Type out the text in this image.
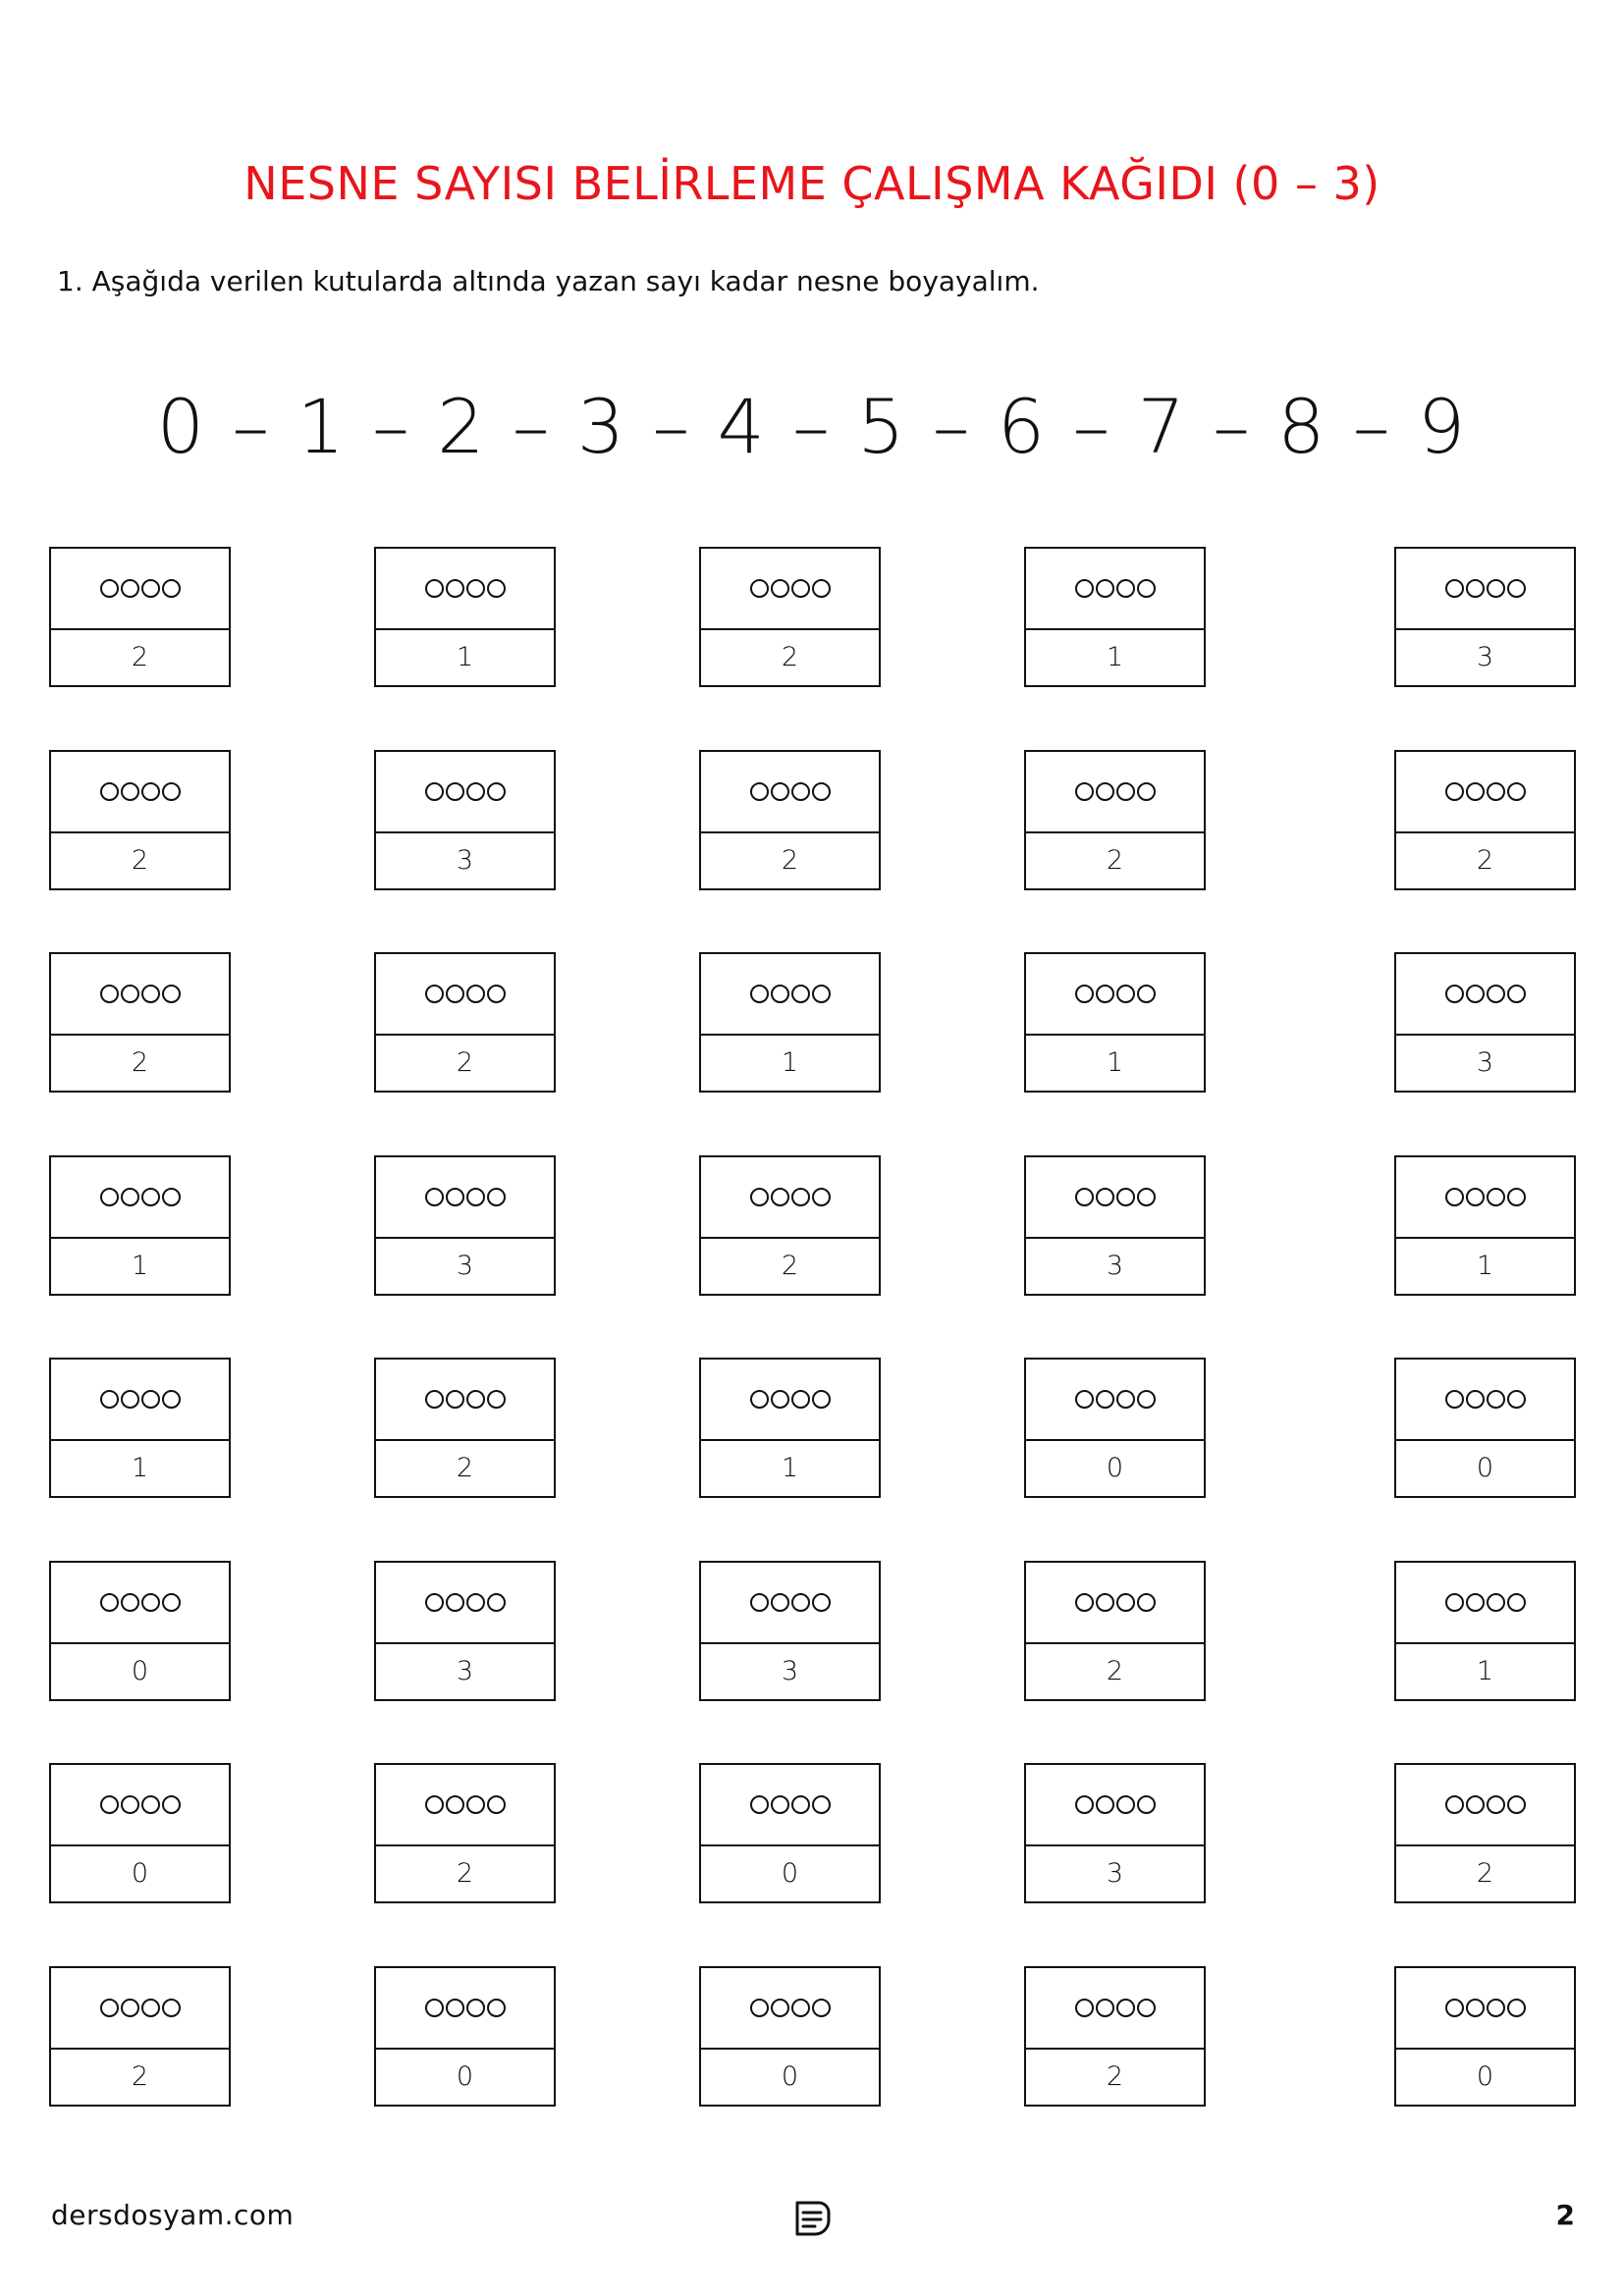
NESNE SAYISI BELİRLEME ÇALIŞMA KAĞIDI (0 – 3)
1. Aşağıda verilen kutularda altında yazan sayı kadar nesne boyayalım.
0 – 1 – 2 – 3 – 4 – 5 – 6 – 7 – 8 – 9
2	1	2	1	3
2	3	2	2	2
2	2	1	1	3
1	3	2	3	1
1	2	1	0	0
0	3	3	2	1
0	2	0	3	2
2	0	0	2	0
dersdosyam.com	2
